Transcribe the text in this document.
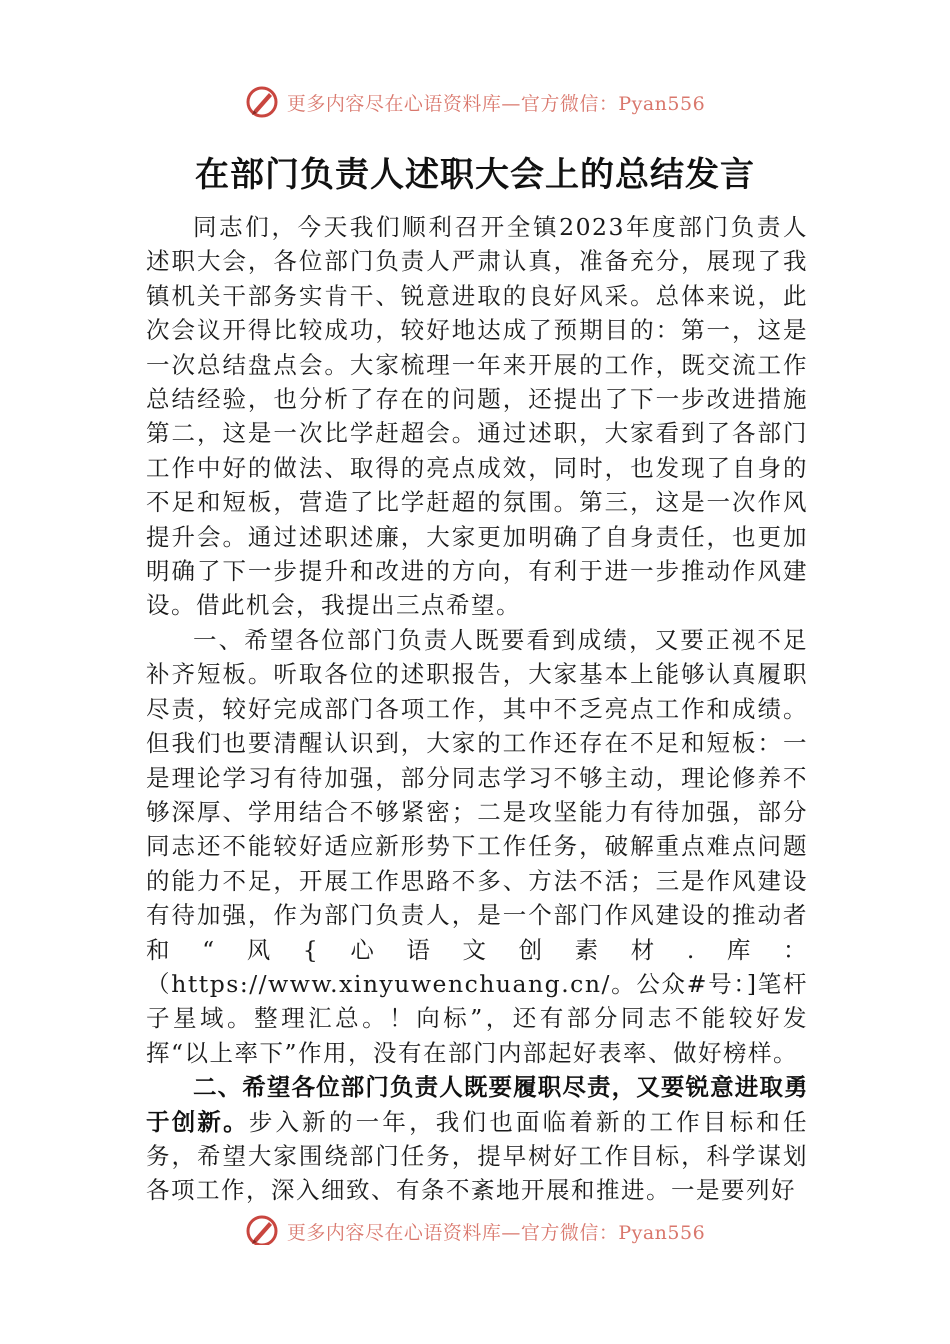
更多内容尽在心语资料库—官方微信：Pyan556
在部门负责人述职大会上的总结发言

同志们，今天我们顺利召开全镇2023年度部门负责人述职大会，各位部门负责人严肃认真，准备充分，展现了我镇机关干部务实肯干、锐意进取的良好风采。总体来说，此次会议开得比较成功，较好地达成了预期目的：第一，这是一次总结盘点会。大家梳理一年来开展的工作，既交流工作总结经验，也分析了存在的问题，还提出了下一步改进措施第二，这是一次比学赶超会。通过述职，大家看到了各部门工作中好的做法、取得的亮点成效，同时，也发现了自身的不足和短板，营造了比学赶超的氛围。第三，这是一次作风提升会。通过述职述廉，大家更加明确了自身责任，也更加明确了下一步提升和改进的方向，有利于进一步推动作风建设。借此机会，我提出三点希望。

一、希望各位部门负责人既要看到成绩，又要正视不足补齐短板。听取各位的述职报告，大家基本上能够认真履职尽责，较好完成部门各项工作，其中不乏亮点工作和成绩。但我们也要清醒认识到，大家的工作还存在不足和短板：一是理论学习有待加强，部分同志学习不够主动，理论修养不够深厚、学用结合不够紧密；二是攻坚能力有待加强，部分同志还不能较好适应新形势下工作任务，破解重点难点问题的能力不足，开展工作思路不多、方法不活；三是作风建设有待加强，作为部门负责人，是一个部门作风建设的推动者和“风{心语文创素材.库：（https://www.xinyuwenchuang.cn/。公众#号：]笔杆子星域。整理汇总。！向标”，还有部分同志不能较好发挥“以上率下”作用，没有在部门内部起好表率、做好榜样。

二、希望各位部门负责人既要履职尽责，又要锐意进取勇于创新。步入新的一年，我们也面临着新的工作目标和任务，希望大家围绕部门任务，提早树好工作目标，科学谋划各项工作，深入细致、有条不紊地开展和推进。一是要列好

更多内容尽在心语资料库—官方微信：Pyan556
